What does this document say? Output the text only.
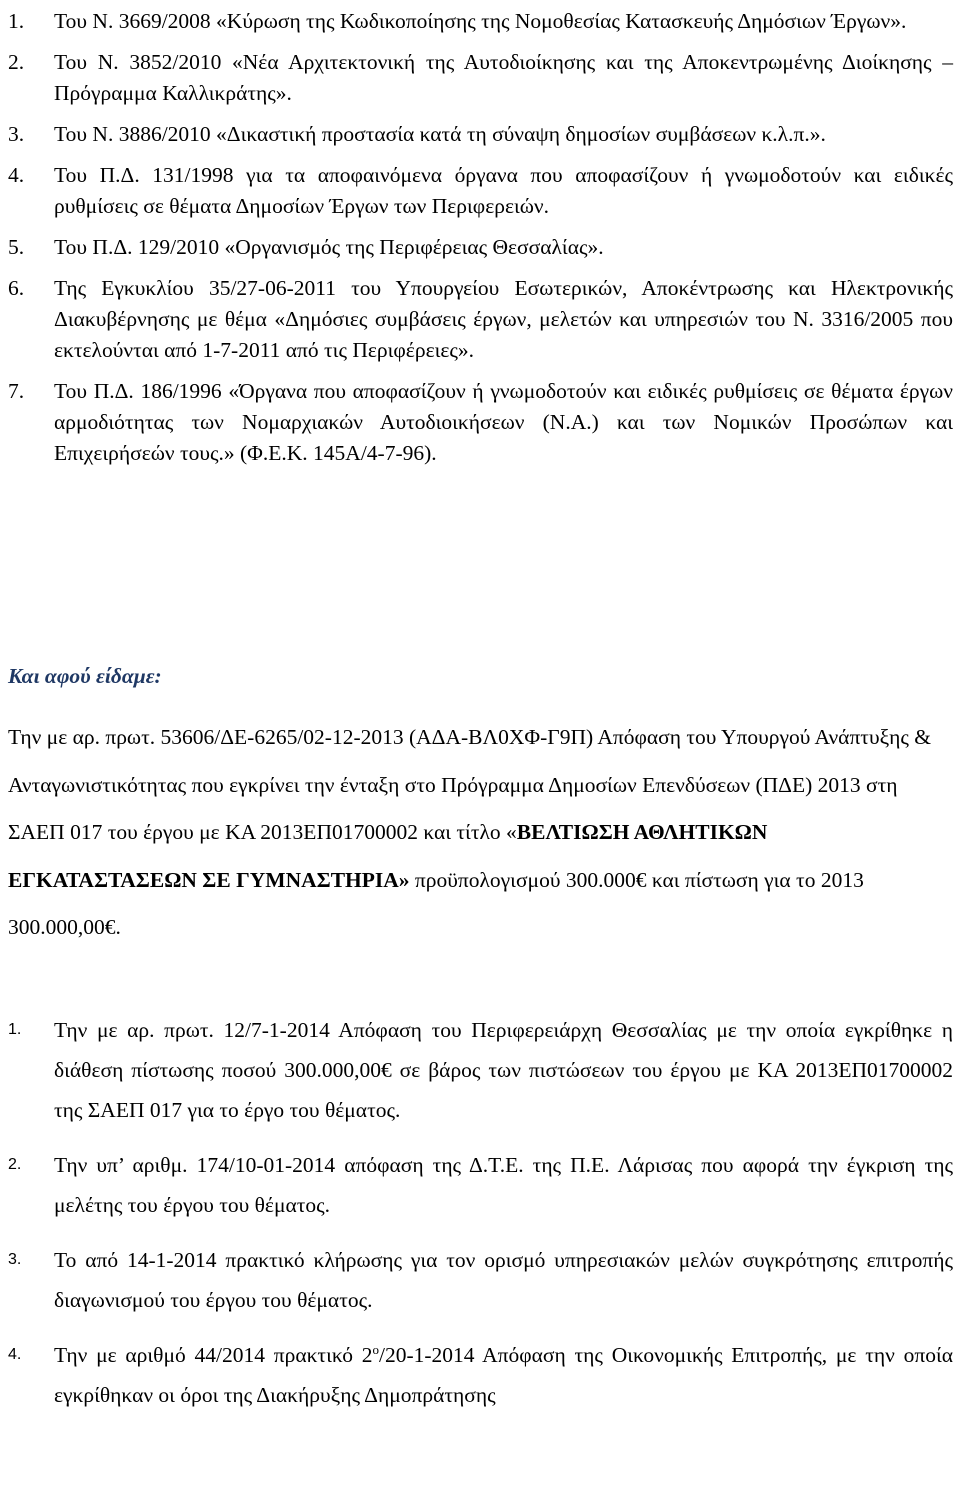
1.	Του Ν. 3669/2008 «Κύρωση της Κωδικοποίησης της Νομοθεσίας Κατασκευής Δημόσιων Έργων».
2.	Του Ν. 3852/2010 «Νέα Αρχιτεκτονική της Αυτοδιοίκησης και της Αποκεντρωμένης Διοίκησης – Πρόγραμμα Καλλικράτης».
3.	Του Ν. 3886/2010 «Δικαστική προστασία κατά τη σύναψη δημοσίων συμβάσεων κ.λ.π.».
4.	Του Π.Δ. 131/1998 για τα αποφαινόμενα όργανα που αποφασίζουν ή γνωμοδοτούν και ειδικές ρυθμίσεις σε θέματα Δημοσίων Έργων των Περιφερειών.
5.	Του Π.Δ. 129/2010 «Οργανισμός της Περιφέρειας Θεσσαλίας».
6.	Της Εγκυκλίου 35/27-06-2011 του Υπουργείου Εσωτερικών, Αποκέντρωσης και Ηλεκτρονικής Διακυβέρνησης με θέμα «Δημόσιες συμβάσεις έργων, μελετών και υπηρεσιών του Ν. 3316/2005 που εκτελούνται από 1-7-2011 από τις Περιφέρειες».
7.	Του Π.Δ. 186/1996 «Όργανα που αποφασίζουν ή γνωμοδοτούν και ειδικές ρυθμίσεις σε θέματα έργων αρμοδιότητας των Νομαρχιακών Αυτοδιοικήσεων (Ν.Α.) και των Νομικών Προσώπων και Επιχειρήσεών τους.» (Φ.Ε.Κ. 145Α/4-7-96).
Και αφού είδαμε:
Την με αρ. πρωτ. 53606/ΔΕ-6265/02-12-2013 (ΑΔΑ-ΒΛ0ΧΦ-Γ9Π) Απόφαση του Υπουργού Ανάπτυξης & Ανταγωνιστικότητας που εγκρίνει την ένταξη στο Πρόγραμμα Δημοσίων Επενδύσεων (ΠΔΕ) 2013 στη ΣΑΕΠ 017 του έργου με ΚΑ 2013ΕΠ01700002 και τίτλο «ΒΕΛΤΙΩΣΗ ΑΘΛΗΤΙΚΩΝ ΕΓΚΑΤΑΣΤΑΣΕΩΝ ΣΕ ΓΥΜΝΑΣΤΗΡΙΑ» προϋπολογισμού 300.000€ και πίστωση για το 2013 300.000,00€.
1.	Την με αρ. πρωτ. 12/7-1-2014 Απόφαση του Περιφερειάρχη Θεσσαλίας με την οποία εγκρίθηκε η διάθεση πίστωσης ποσού 300.000,00€ σε βάρος των πιστώσεων του έργου με ΚΑ 2013ΕΠ01700002 της ΣΑΕΠ 017 για το έργο του θέματος.
2.	Την υπ’ αριθμ. 174/10-01-2014 απόφαση της Δ.Τ.Ε. της Π.Ε. Λάρισας που αφορά την έγκριση της μελέτης του έργου του θέματος.
3.	Το από 14-1-2014 πρακτικό κλήρωσης για τον ορισμό υπηρεσιακών μελών συγκρότησης επιτροπής διαγωνισμού του έργου του θέματος.
4.	Την με αριθμό 44/2014 πρακτικό $2^o/20-1-2014$ Απόφαση της Οικονομικής Επιτροπής, με την οποία εγκρίθηκαν οι όροι της Διακήρυξης Δημοπράτησης
